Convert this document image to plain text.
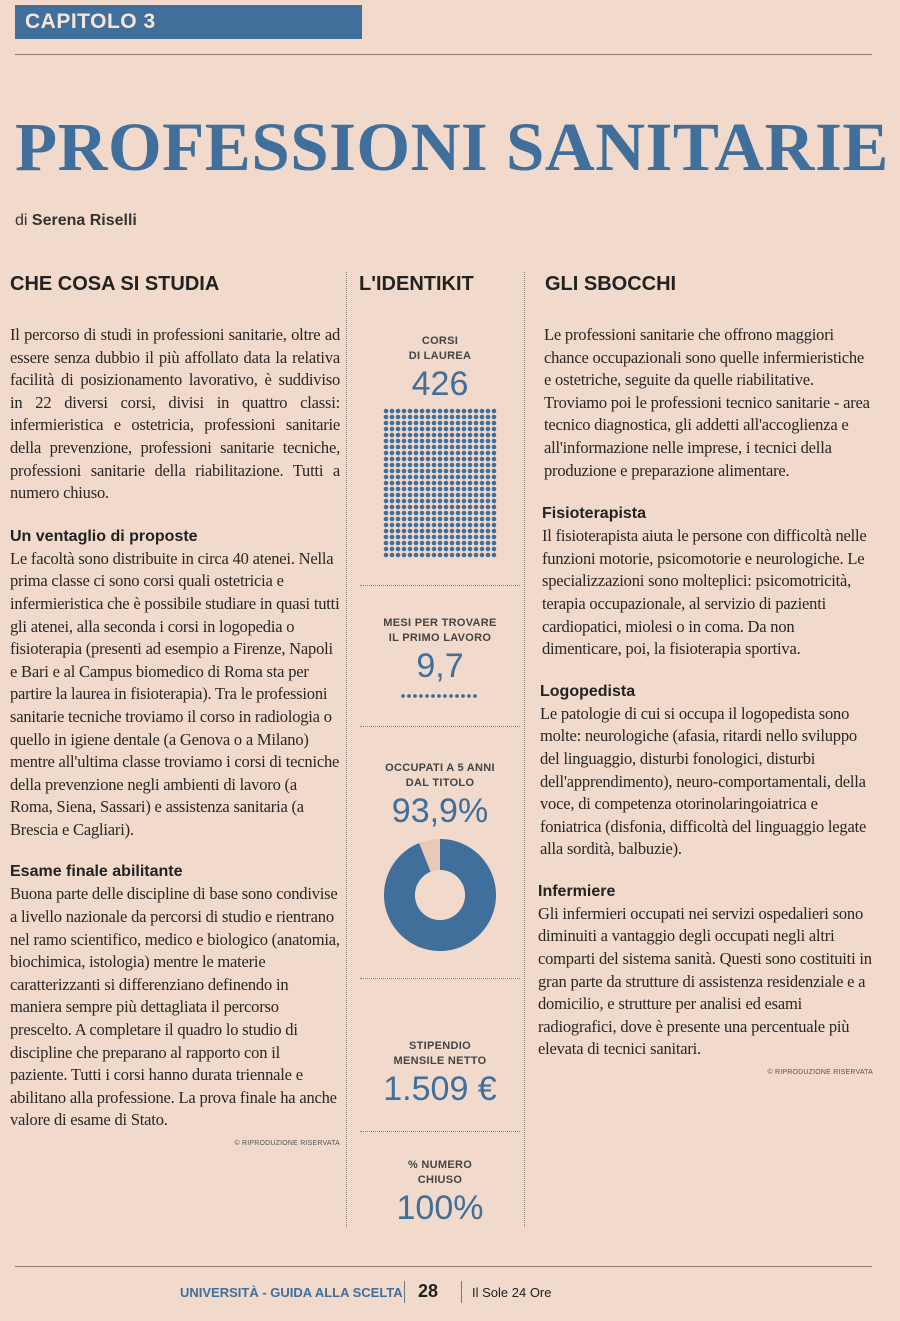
CAPITOLO 3
PROFESSIONI SANITARIE
di Serena Riselli
CHE COSA SI STUDIA

Il percorso di studi in professioni sanitarie, oltre ad essere senza dubbio il più affollato data la relativa facilità di posizionamento lavorativo, è suddiviso in 22 diversi corsi, divisi in quattro classi: infermieristica e ostetricia, professioni sanitarie della prevenzione, professioni sanitarie tecniche, professioni sanitarie della riabilitazione. Tutti a numero chiuso.

Un ventaglio di proposte

Le facoltà sono distribuite in circa 40 atenei. Nella prima classe ci sono corsi quali ostetricia e infermieristica che è possibile studiare in quasi tutti gli atenei, alla seconda i corsi in logopedia o fisioterapia (presenti ad esempio a Firenze, Napoli e Bari e al Campus biomedico di Roma sta per partire la laurea in fisioterapia). Tra le professioni sanitarie tecniche troviamo il corso in radiologia o quello in igiene dentale (a Genova o a Milano) mentre all'ultima classe troviamo i corsi di tecniche della prevenzione negli ambienti di lavoro (a Roma, Siena, Sassari) e assistenza sanitaria (a Brescia e Cagliari).

Esame finale abilitante

Buona parte delle discipline di base sono condivise a livello nazionale da percorsi di studio e rientrano nel ramo scientifico, medico e biologico (anatomia, biochimica, istologia) mentre le materie caratterizzanti si differenziano definendo in maniera sempre più dettagliata il percorso prescelto. A completare il quadro lo studio di discipline che preparano al rapporto con il paziente. Tutti i corsi hanno durata triennale e abilitano alla professione. La prova finale ha anche valore di esame di Stato.

© RIPRODUZIONE RISERVATA
L'IDENTIKIT
CORSI
DI LAUREA
426
MESI PER TROVARE
IL PRIMO LAVORO
9,7
OCCUPATI A 5 ANNI
DAL TITOLO
93,9%
STIPENDIO
MENSILE NETTO
1.509 €
% NUMERO
CHIUSO
100%
GLI SBOCCHI

Le professioni sanitarie che offrono maggiori chance occupazionali sono quelle infermieristiche e ostetriche, seguite da quelle riabilitative. Troviamo poi le professioni tecnico sanitarie - area tecnico diagnostica, gli addetti all'accoglienza e all'informazione nelle imprese, i tecnici della produzione e preparazione alimentare.

Fisioterapista

Il fisioterapista aiuta le persone con difficoltà nelle funzioni motorie, psicomotorie e neurologiche. Le specializzazioni sono molteplici: psicomotricità, terapia occupazionale, al servizio di pazienti cardiopatici, miolesi o in coma. Da non dimenticare, poi, la fisioterapia sportiva.

Logopedista

Le patologie di cui si occupa il logopedista sono molte: neurologiche (afasia, ritardi nello sviluppo del linguaggio, disturbi fonologici, disturbi dell'apprendimento), neuro-comportamentali, della voce, di competenza otorinolaringoiatrica e foniatrica (disfonia, difficoltà del linguaggio legate alla sordità, balbuzie).

Infermiere

Gli infermieri occupati nei servizi ospedalieri sono diminuiti a vantaggio degli occupati negli altri comparti del sistema sanità. Questi sono costituiti in gran parte da strutture di assistenza residenziale e a domicilio, e strutture per analisi ed esami radiografici, dove è presente una percentuale più elevata di tecnici sanitari.

© RIPRODUZIONE RISERVATA
UNIVERSITÀ - GUIDA ALLA SCELTA 28	Il Sole 24 Ore
